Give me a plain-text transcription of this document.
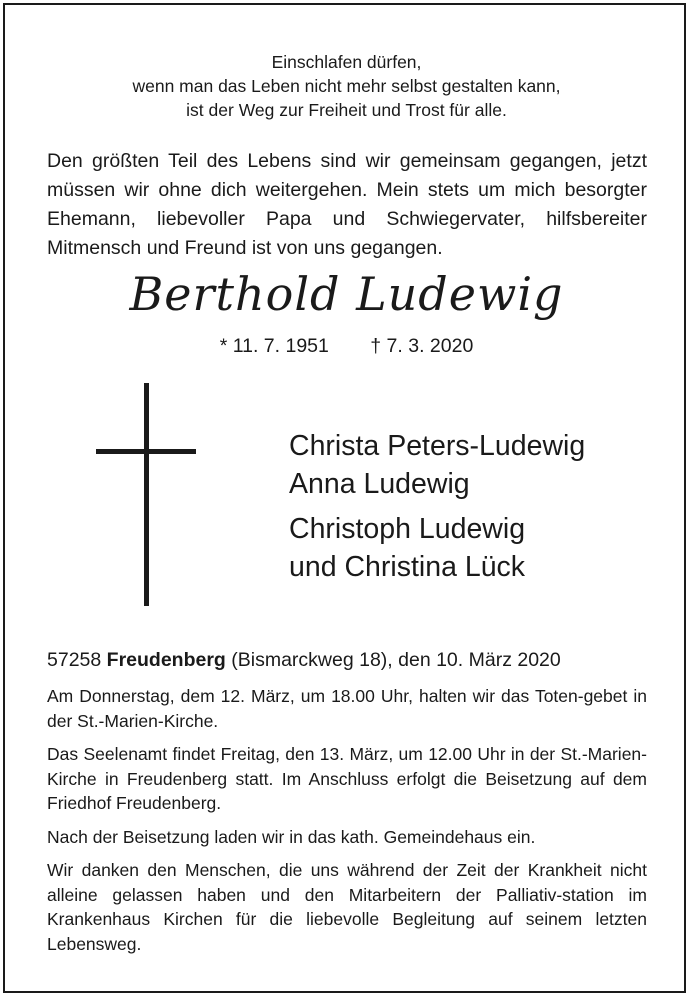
Einschlafen dürfen,
wenn man das Leben nicht mehr selbst gestalten kann,
ist der Weg zur Freiheit und Trost für alle.
Den größten Teil des Lebens sind wir gemeinsam gegangen, jetzt müssen wir ohne dich weitergehen. Mein stets um mich besorgter Ehemann, liebevoller Papa und Schwiegervater, hilfsbereiter Mitmensch und Freund ist von uns gegangen.
Berthold Ludewig
* 11. 7. 1951 † 7. 3. 2020
Christa Peters-Ludewig
Anna Ludewig
Christoph Ludewig
und Christina Lück
57258 Freudenberg (Bismarckweg 18), den 10. März 2020

Am Donnerstag, dem 12. März, um 18.00 Uhr, halten wir das Toten-gebet in der St.-Marien-Kirche.

Das Seelenamt findet Freitag, den 13. März, um 12.00 Uhr in der St.-Marien-Kirche in Freudenberg statt. Im Anschluss erfolgt die Beisetzung auf dem Friedhof Freudenberg.

Nach der Beisetzung laden wir in das kath. Gemeindehaus ein.

Wir danken den Menschen, die uns während der Zeit der Krankheit nicht alleine gelassen haben und den Mitarbeitern der Palliativ-station im Krankenhaus Kirchen für die liebevolle Begleitung auf seinem letzten Lebensweg.
